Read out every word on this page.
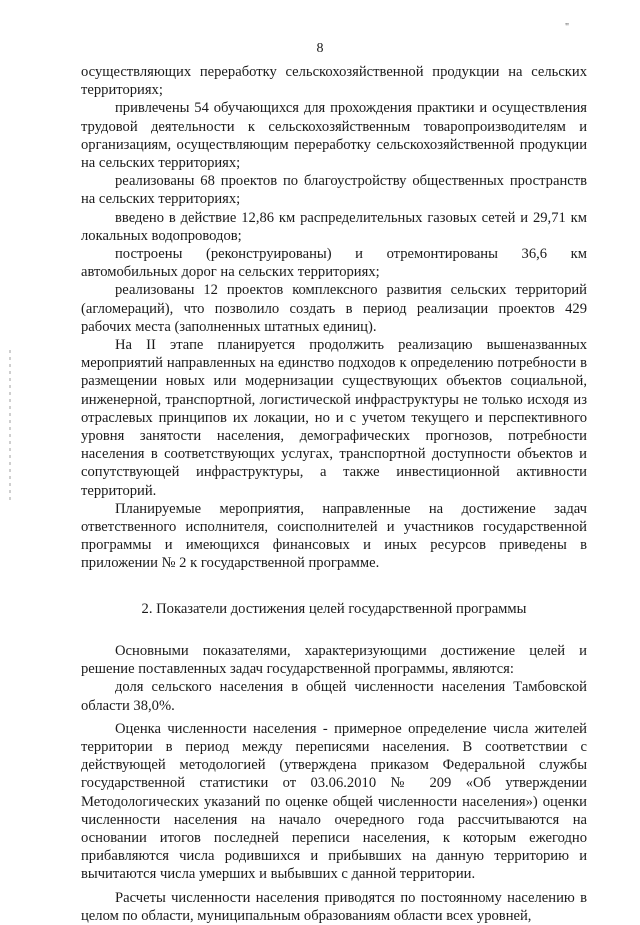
"
8

осуществляющих переработку сельскохозяйственной продукции на сельских территориях;

привлечены 54 обучающихся для прохождения практики и осуществления трудовой деятельности к сельскохозяйственным товаропроизводителям и организациям, осуществляющим переработку сельскохозяйственной продукции на сельских территориях;

реализованы 68 проектов по благоустройству общественных пространств на сельских территориях;

введено в действие 12,86 км распределительных газовых сетей и 29,71 км локальных водопроводов;

построены (реконструированы) и отремонтированы 36,6 км автомобильных дорог на сельских территориях;

реализованы 12 проектов комплексного развития сельских территорий (агломераций), что позволило создать в период реализации проектов 429 рабочих места (заполненных штатных единиц).

На II этапе планируется продолжить реализацию вышеназванных мероприятий направленных на единство подходов к определению потребности в размещении новых или модернизации существующих объектов социальной, инженерной, транспортной, логистической инфраструктуры не только исходя из отраслевых принципов их локации, но и с учетом текущего и перспективного уровня занятости населения, демографических прогнозов, потребности населения в соответствующих услугах, транспортной доступности объектов и сопутствующей инфраструктуры, а также инвестиционной активности территорий.

Планируемые мероприятия, направленные на достижение задач ответственного исполнителя, соисполнителей и участников государственной программы и имеющихся финансовых и иных ресурсов приведены в приложении № 2 к государственной программе.

2. Показатели достижения целей государственной программы

Основными показателями, характеризующими достижение целей и решение поставленных задач государственной программы, являются:

доля сельского населения в общей численности населения Тамбовской области 38,0%.

Оценка численности населения - примерное определение числа жителей территории в период между переписями населения. В соответствии с действующей методологией (утверждена приказом Федеральной службы государственной статистики от 03.06.2010 № 209 «Об утверждении Методологических указаний по оценке общей численности населения») оценки численности населения на начало очередного года рассчитываются на основании итогов последней переписи населения, к которым ежегодно прибавляются числа родившихся и прибывших на данную территорию и вычитаются числа умерших и выбывших с данной территории.

Расчеты численности населения приводятся по постоянному населению в целом по области, муниципальным образованиям области всех уровней,
